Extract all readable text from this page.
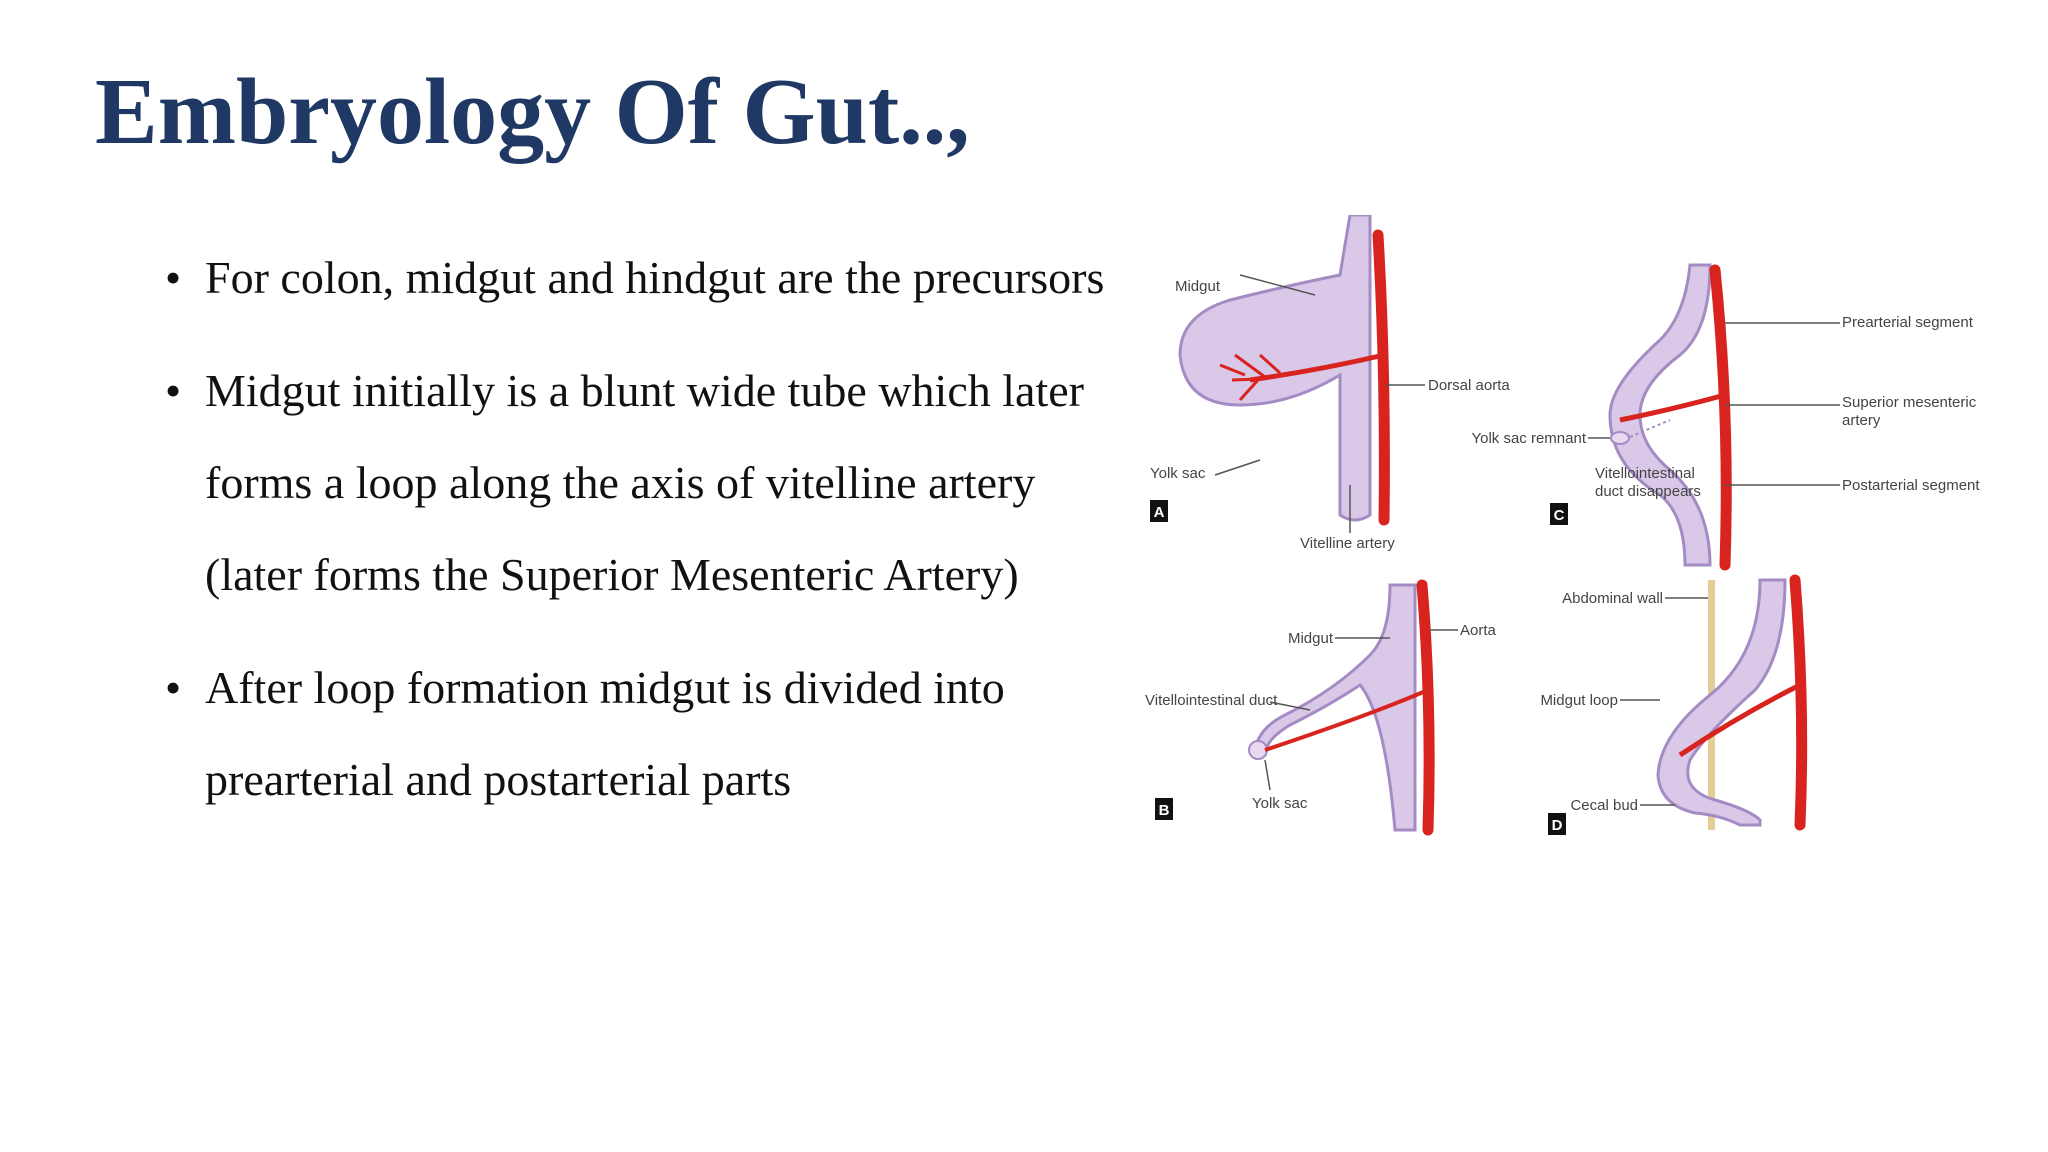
Embryology Of Gut..,
• For colon, midgut and hindgut are the precursors
• Midgut initially is a blunt wide tube which later forms a loop along the axis of vitelline artery (later forms the Superior Mesenteric Artery)
• After loop formation midgut is divided into prearterial and postarterial parts
Midgut
Dorsal aorta
Yolk sac
Vitelline artery
A
Prearterial segment
Superior mesenteric
artery
Yolk sac remnant
Vitellointestinal
duct disappears	Postarterial segment
C
Midgut	Aorta
Vitellointestinal duct
Yolk sac
B
Abdominal wall
Midgut loop
Cecal bud
D
